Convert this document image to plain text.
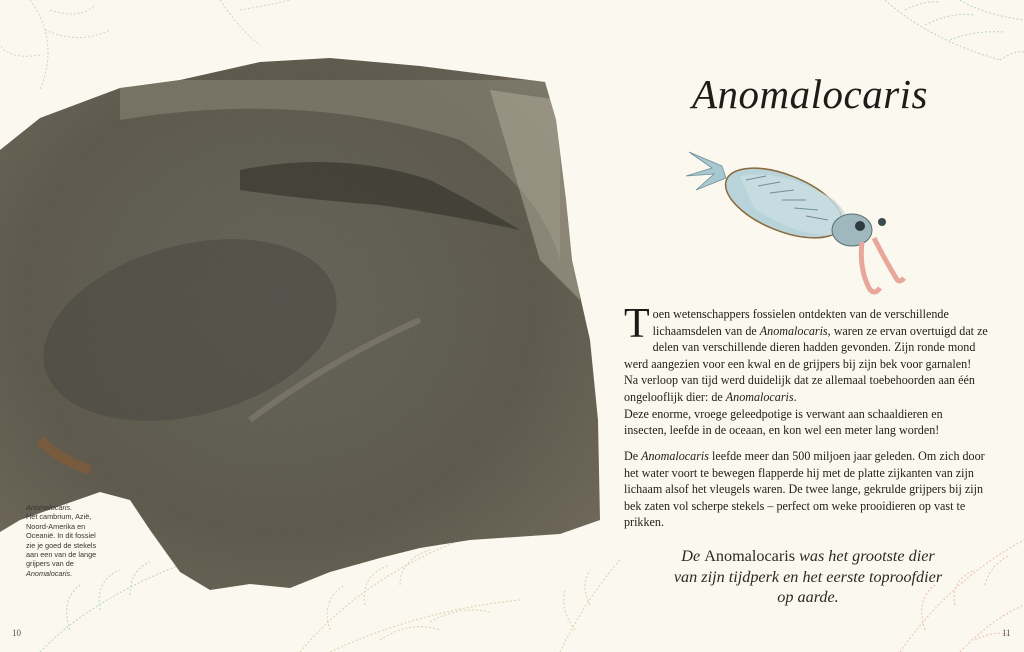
Anomalocaris.
Het cambrium, Azië,
Noord-Amerika en
Oceanië. In dit fossiel
zie je goed de stekels
aan een van de lange
grijpers van de
Anomalocaris.
Anomalocaris

Toen wetenschappers fossielen ontdekten van de verschillende lichaamsdelen van de Anomalocaris, waren ze ervan overtuigd dat ze delen van verschillende dieren hadden gevonden. Zijn ronde mond werd aangezien voor een kwal en de grijpers bij zijn bek voor garnalen! Na verloop van tijd werd duidelijk dat ze allemaal toebehoorden aan één ongelooflijk dier: de Anomalocaris.
Deze enorme, vroege geleedpotige is verwant aan schaaldieren en insecten, leefde in de oceaan, en kon wel een meter lang worden!

De Anomalocaris leefde meer dan 500 miljoen jaar geleden. Om zich door het water voort te bewegen flapperde hij met de platte zijkanten van zijn lichaam alsof het vleugels waren. De twee lange, gekrulde grijpers bij zijn bek zaten vol scherpe stekels – perfect om weke prooidieren op vast te prikken.

De Anomalocaris was het grootste dier
van zijn tijdperk en het eerste toproofdier
op aarde.

10	11
